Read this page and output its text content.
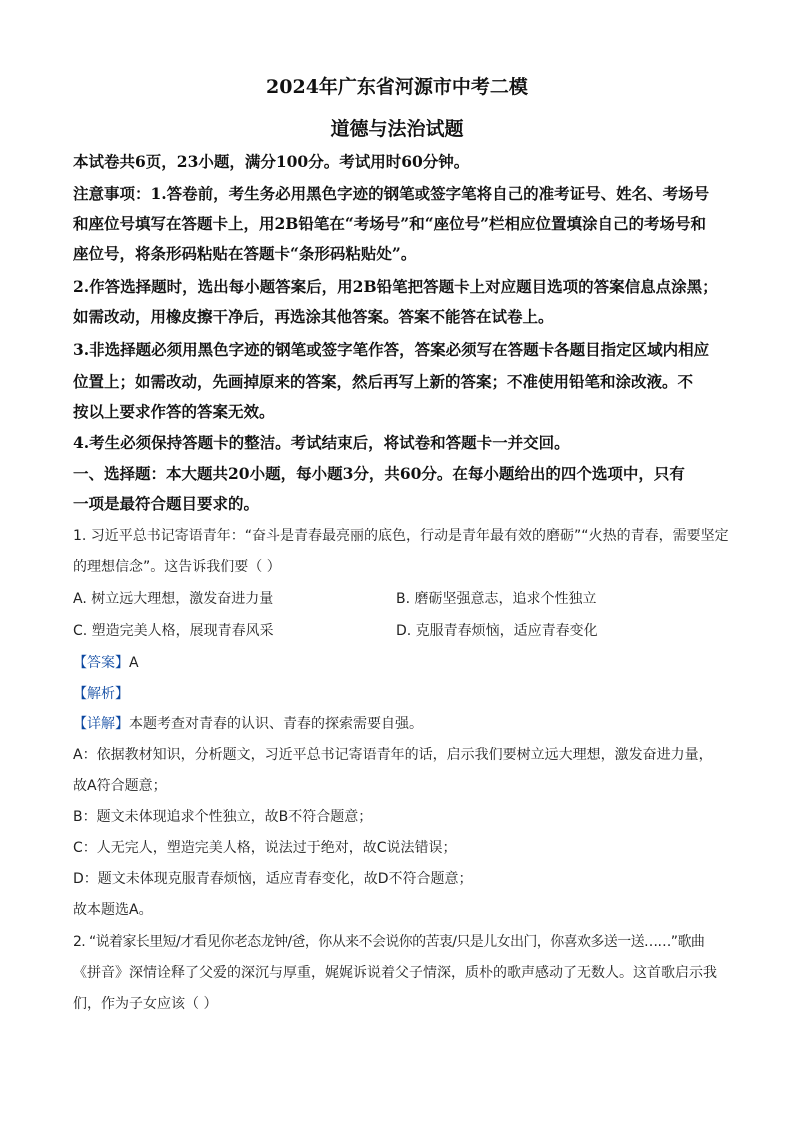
2024年广东省河源市中考二模
道德与法治试题
本试卷共6页，23小题，满分100分。考试用时60分钟。
注意事项：1.答卷前，考生务必用黑色字迹的钢笔或签字笔将自己的准考证号、姓名、考场号
和座位号填写在答题卡上，用2B铅笔在“考场号”和“座位号”栏相应位置填涂自己的考场号和
座位号，将条形码粘贴在答题卡“条形码粘贴处”。
2.作答选择题时，选出每小题答案后，用2B铅笔把答题卡上对应题目选项的答案信息点涂黑；
如需改动，用橡皮擦干净后，再选涂其他答案。答案不能答在试卷上。
3.非选择题必须用黑色字迹的钢笔或签字笔作答，答案必须写在答题卡各题目指定区域内相应
位置上；如需改动，先画掉原来的答案，然后再写上新的答案；不准使用铅笔和涂改液。不
按以上要求作答的答案无效。
4.考生必须保持答题卡的整洁。考试结束后，将试卷和答题卡一并交回。
一、选择题：本大题共20小题，每小题3分，共60分。在每小题给出的四个选项中，只有
一项是最符合题目要求的。
1. 习近平总书记寄语青年：“奋斗是青春最亮丽的底色，行动是青年最有效的磨砺”“火热的青春，需要坚定
的理想信念”。这告诉我们要（ ）
A. 树立远大理想，激发奋进力量	B. 磨砺坚强意志，追求个性独立
C. 塑造完美人格，展现青春风采	D. 克服青春烦恼，适应青春变化
【答案】A
【解析】
【详解】本题考查对青春的认识、青春的探索需要自强。
A：依据教材知识，分析题文，习近平总书记寄语青年的话，启示我们要树立远大理想，激发奋进力量，
故A符合题意；
B：题文未体现追求个性独立，故B不符合题意；
C：人无完人，塑造完美人格，说法过于绝对，故C说法错误；
D：题文未体现克服青春烦恼，适应青春变化，故D不符合题意；
故本题选A。
2. “说着家长里短/才看见你老态龙钟/爸，你从来不会说你的苦衷/只是儿女出门，你喜欢多送一送……”歌曲
《拼音》深情诠释了父爱的深沉与厚重，娓娓诉说着父子情深，质朴的歌声感动了无数人。这首歌启示我
们，作为子女应该（ ）
